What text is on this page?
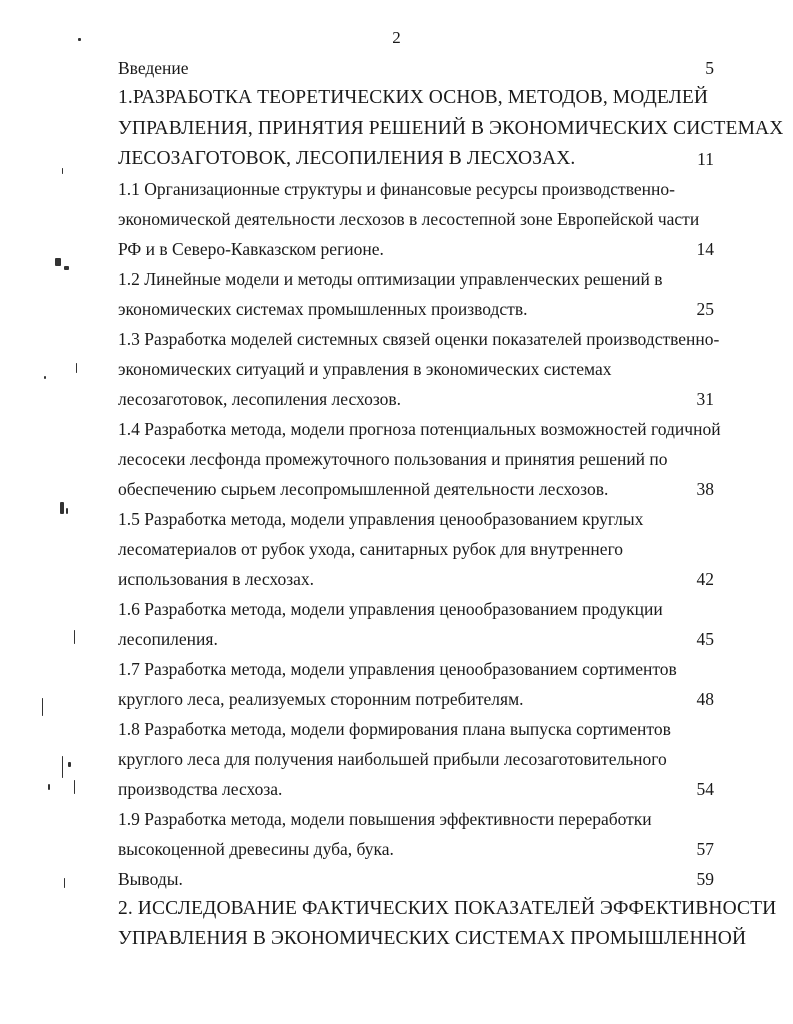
2
Введение	5
1.РАЗРАБОТКА ТЕОРЕТИЧЕСКИХ ОСНОВ, МЕТОДОВ, МОДЕЛЕЙ
УПРАВЛЕНИЯ, ПРИНЯТИЯ РЕШЕНИЙ В ЭКОНОМИЧЕСКИХ СИСТЕМАХ
ЛЕСОЗАГОТОВОК, ЛЕСОПИЛЕНИЯ В ЛЕСХОЗАХ.	11
1.1 Организационные структуры и финансовые ресурсы производственно-
экономической деятельности лесхозов в лесостепной зоне Европейской части
РФ и в Северо-Кавказском регионе.	14
1.2 Линейные модели и методы оптимизации управленческих решений в
экономических системах промышленных производств.	25
1.3 Разработка моделей системных связей оценки показателей производственно-
экономических ситуаций и управления в экономических системах
лесозаготовок, лесопиления лесхозов.	31
1.4 Разработка метода, модели прогноза потенциальных возможностей годичной
лесосеки лесфонда промежуточного пользования и принятия решений по
обеспечению сырьем лесопромышленной деятельности лесхозов.	38
1.5 Разработка метода, модели управления ценообразованием круглых
лесоматериалов от рубок ухода, санитарных рубок для внутреннего
использования в лесхозах.	42
1.6 Разработка метода, модели управления ценообразованием продукции
лесопиления.	45
1.7 Разработка метода, модели управления ценообразованием сортиментов
круглого леса, реализуемых сторонним потребителям.	48
1.8 Разработка метода, модели формирования плана выпуска сортиментов
круглого леса для получения наибольшей прибыли лесозаготовительного
производства лесхоза.	54
1.9 Разработка метода, модели повышения эффективности переработки
высокоценной древесины дуба, бука.	57
Выводы.	59
2. ИССЛЕДОВАНИЕ ФАКТИЧЕСКИХ ПОКАЗАТЕЛЕЙ ЭФФЕКТИВНОСТИ
УПРАВЛЕНИЯ В ЭКОНОМИЧЕСКИХ СИСТЕМАХ ПРОМЫШЛЕННОЙ
